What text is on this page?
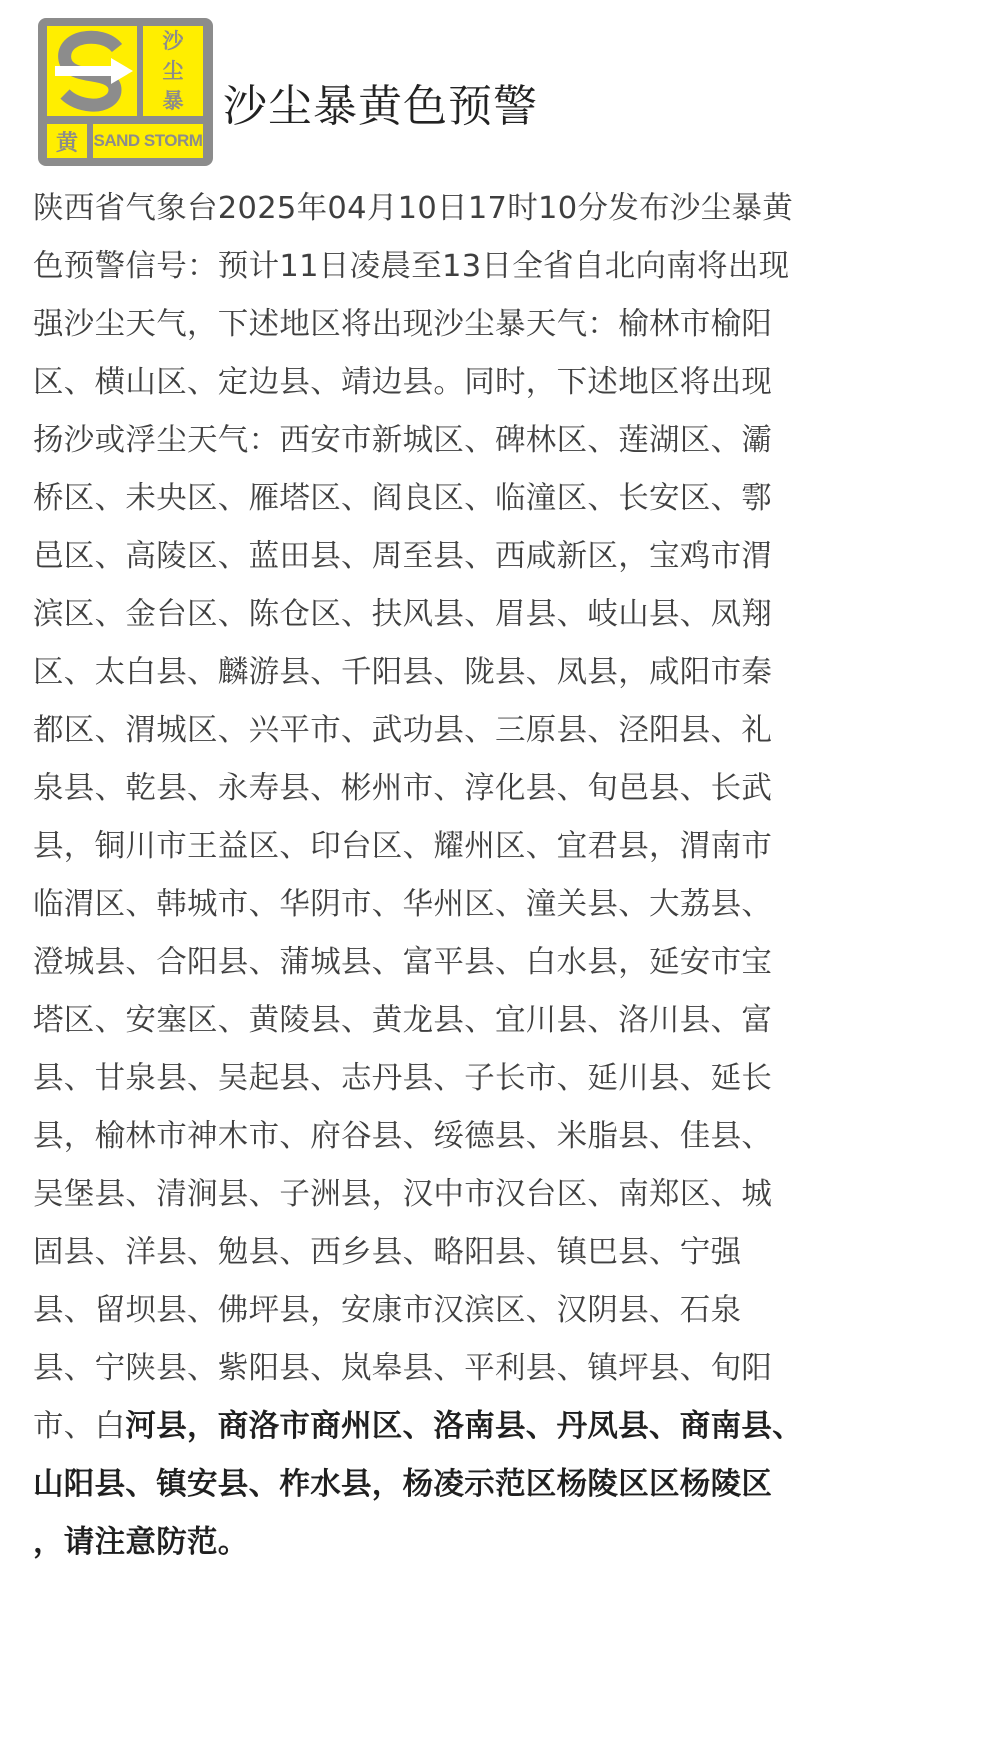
沙
尘
暴
黄 SAND STORM
沙尘暴黄色预警
陕西省气象台2025年04月10日17时10分发布沙尘暴黄
色预警信号：预计11日凌晨至13日全省自北向南将出现
强沙尘天气，下述地区将出现沙尘暴天气：榆林市榆阳
区、横山区、定边县、靖边县。同时，下述地区将出现
扬沙或浮尘天气：西安市新城区、碑林区、莲湖区、灞
桥区、未央区、雁塔区、阎良区、临潼区、长安区、鄠
邑区、高陵区、蓝田县、周至县、西咸新区，宝鸡市渭
滨区、金台区、陈仓区、扶风县、眉县、岐山县、凤翔
区、太白县、麟游县、千阳县、陇县、凤县，咸阳市秦
都区、渭城区、兴平市、武功县、三原县、泾阳县、礼
泉县、乾县、永寿县、彬州市、淳化县、旬邑县、长武
县，铜川市王益区、印台区、耀州区、宜君县，渭南市
临渭区、韩城市、华阴市、华州区、潼关县、大荔县、
澄城县、合阳县、蒲城县、富平县、白水县，延安市宝
塔区、安塞区、黄陵县、黄龙县、宜川县、洛川县、富
县、甘泉县、吴起县、志丹县、子长市、延川县、延长
县，榆林市神木市、府谷县、绥德县、米脂县、佳县、
吴堡县、清涧县、子洲县，汉中市汉台区、南郑区、城
固县、洋县、勉县、西乡县、略阳县、镇巴县、宁强
县、留坝县、佛坪县，安康市汉滨区、汉阴县、石泉
县、宁陕县、紫阳县、岚皋县、平利县、镇坪县、旬阳
市、白河县，商洛市商州区、洛南县、丹凤县、商南县、
山阳县、镇安县、柞水县，杨凌示范区杨陵区区杨陵区
，请注意防范。
